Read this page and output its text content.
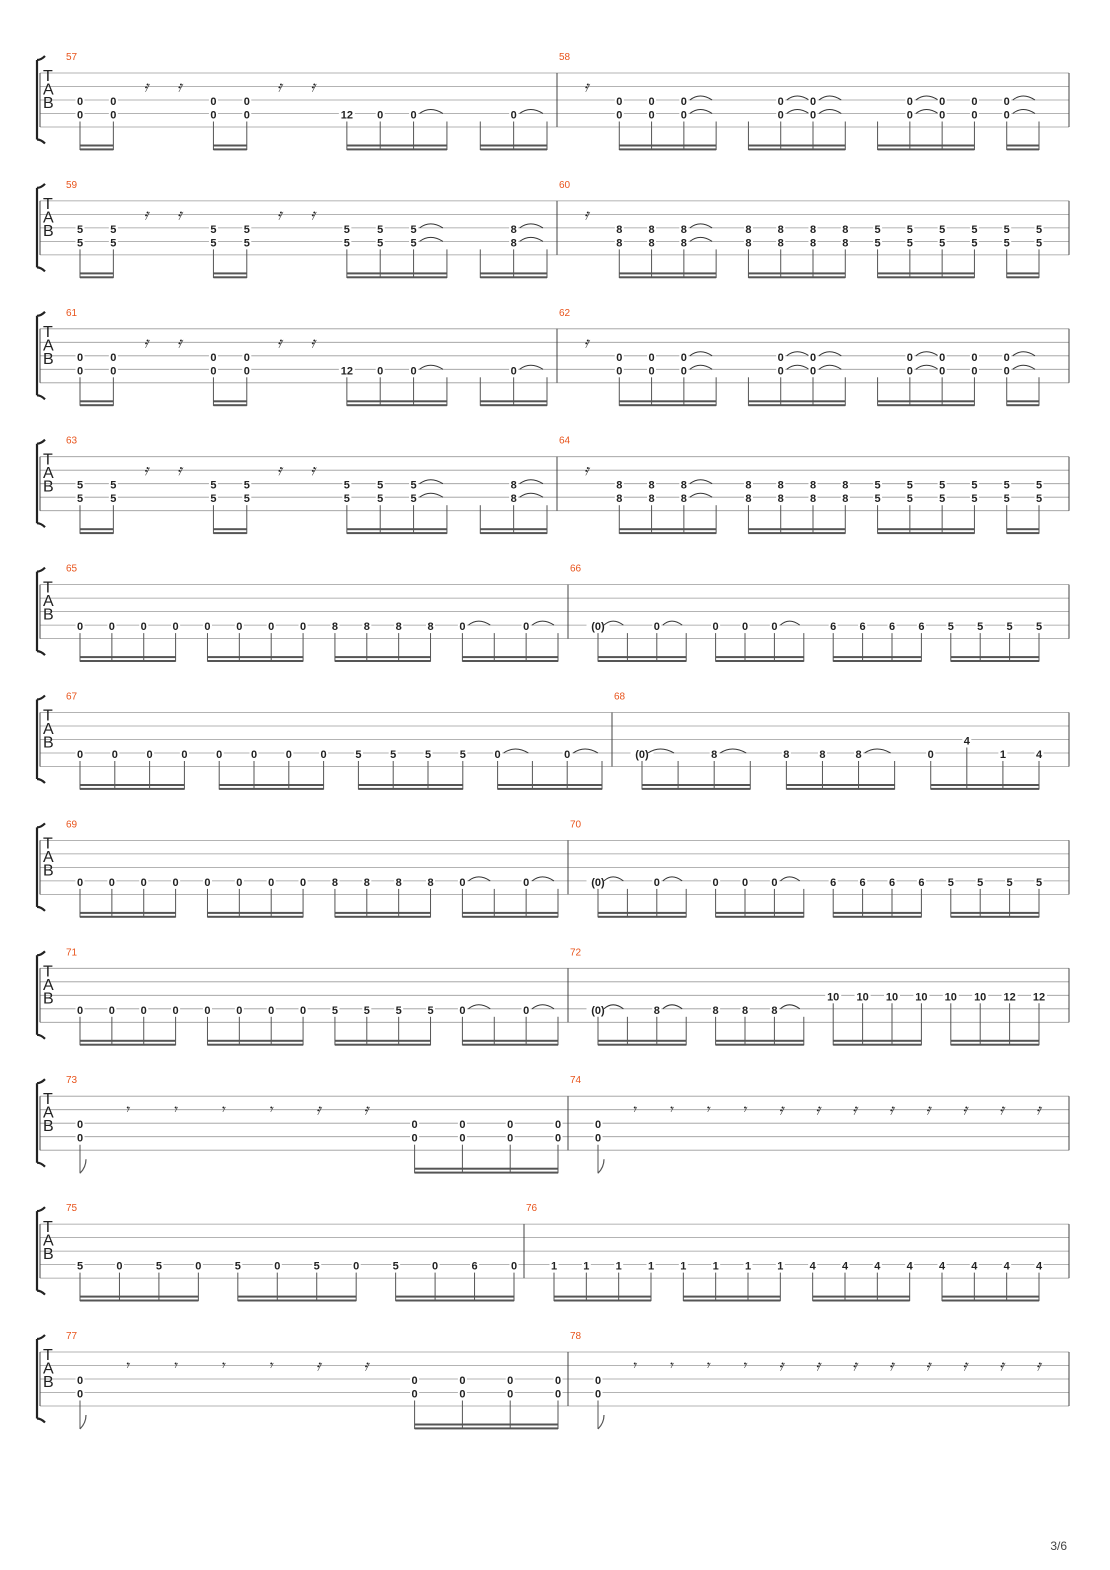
T
A
B
57
0
0
0
0
𝄿 𝄿
0
0
0
0
𝄿 𝄿
12 0 0	0
58
𝄿
0
0
0
0
0
0
0
0
0
0
0
0
0
0
0
0
0
0
T
A
B
59
5
5
5
5
𝄿 𝄿
5
5
5
5
𝄿 𝄿
5
5
5
5
5
5
8
8
60
𝄿
8
8
8
8
8
8
8
8
8
8
8
8
8
8
5
5
5
5
5
5
5
5
5
5
5
5
T
A
B
61
0
0
0
0
𝄿 𝄿
0
0
0
0
𝄿 𝄿
12 0 0	0
62
𝄿
0
0
0
0
0
0
0
0
0
0
0
0
0
0
0
0
0
0
T
A
B
63
5
5
5
5
𝄿 𝄿
5
5
5
5
𝄿 𝄿
5
5
5
5
5
5
8
8
64
𝄿
8
8
8
8
8
8
8
8
8
8
8
8
8
8
5
5
5
5
5
5
5
5
5
5
5
5
T
A
B
65
0 0 0 0 0 0 0 0 8 8 8 8 0	0
66
(0)	0	0 0 0	6 6 6 6 5 5 5 5
T
A
B
67
0	0	0	0	0	0	0	0	5	5	5	5	0	0
68
(0)	8	8	8	8	0
4
1	4
T
A
B
69
0 0 0 0 0 0 0 0 8 8 8 8 0	0
70
(0)	0	0 0 0	6 6 6 6 5 5 5 5
T
A
B
71
0 0 0 0 0 0 0 0 5 5 5 5 0	0
72
(0)	8	8 8 8
10 10 10 10 10 10 12 12
T
A
B
73
0
0
𝄾	𝄾	𝄾	𝄾	𝄿	𝄿
0
0
0
0
0
0
0
0
74
0
0
𝄾 𝄾 𝄾 𝄾 𝄿 𝄿 𝄿 𝄿 𝄿 𝄿 𝄿 𝄿
T
A
B
75
5	0	5	0	5	0	5	0	5	0	6	0
76
1 1 1 1 1 1 1 1 4 4 4 4 4 4 4 4
T
A
B
77
0
0
𝄾	𝄾	𝄾	𝄾	𝄿	𝄿
0
0
0
0
0
0
0
0
78
0
0
𝄾 𝄾 𝄾 𝄾 𝄿 𝄿 𝄿 𝄿 𝄿 𝄿 𝄿 𝄿
3/6
